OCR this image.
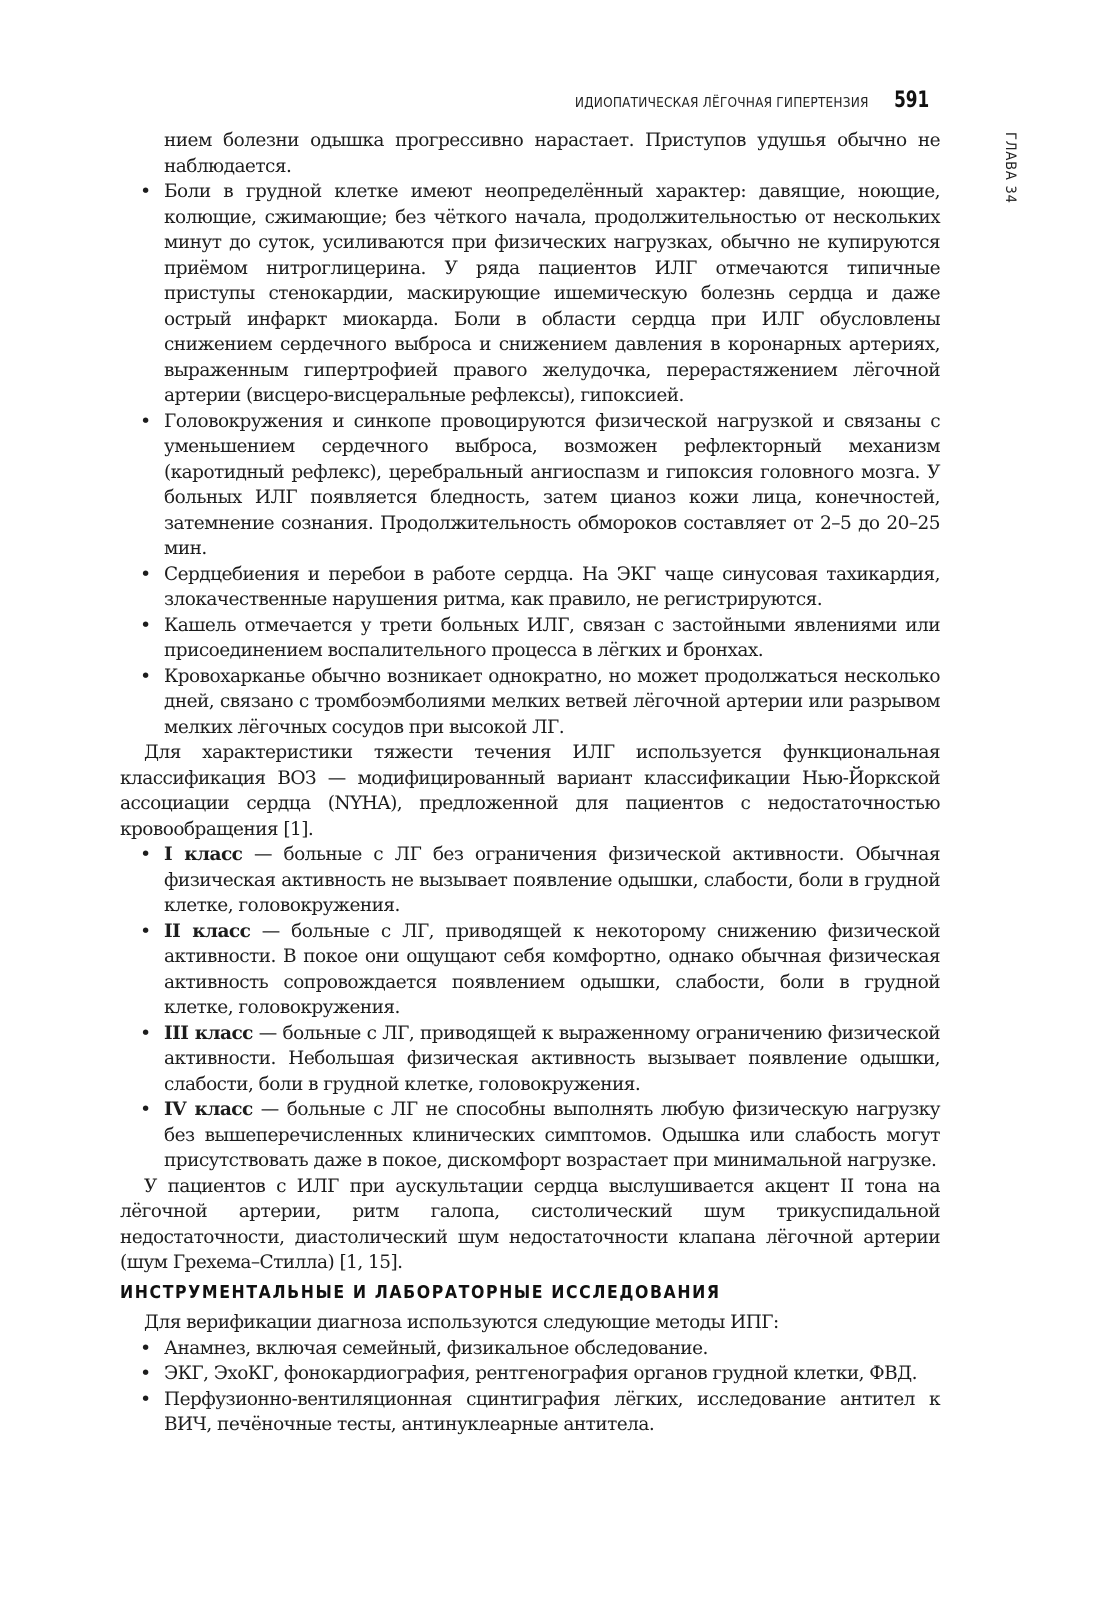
ИДИОПАТИЧЕСКАЯ ЛЁГОЧНАЯ ГИПЕРТЕНЗИЯ 591
ГЛАВА 34

нием болезни одышка прогрессивно нарастает. Приступов удушья обычно не наблюдается.

• Боли в грудной клетке имеют неопределённый характер: давящие, ноющие, колющие, сжимающие; без чёткого начала, продолжительностью от нескольких минут до суток, усиливаются при физических нагрузках, обычно не купируются приёмом нитроглицерина. У ряда пациентов ИЛГ отмечаются типичные приступы стенокардии, маскирующие ишемическую болезнь сердца и даже острый инфаркт миокарда. Боли в области сердца при ИЛГ обусловлены снижением сердечного выброса и снижением давления в коронарных артериях, выраженным гипертрофией правого желудочка, перерастяжением лёгочной артерии (висцеро-висцеральные рефлексы), гипоксией.
• Головокружения и синкопе провоцируются физической нагрузкой и связаны с уменьшением сердечного выброса, возможен рефлекторный механизм (каротидный рефлекс), церебральный ангиоспазм и гипоксия головного мозга. У больных ИЛГ появляется бледность, затем цианоз кожи лица, конечностей, затемнение сознания. Продолжительность обмороков составляет от 2–5 до 20–25 мин.
• Сердцебиения и перебои в работе сердца. На ЭКГ чаще синусовая тахикардия, злокачественные нарушения ритма, как правило, не регистрируются.
• Кашель отмечается у трети больных ИЛГ, связан с застойными явлениями или присоединением воспалительного процесса в лёгких и бронхах.
• Кровохарканье обычно возникает однократно, но может продолжаться несколько дней, связано с тромбоэмболиями мелких ветвей лёгочной артерии или разрывом мелких лёгочных сосудов при высокой ЛГ.

Для характеристики тяжести течения ИЛГ используется функциональная классификация ВОЗ — модифицированный вариант классификации Нью-Йоркской ассоциации сердца (NYHA), предложенной для пациентов с недостаточностью кровообращения [1].

• I класс — больные с ЛГ без ограничения физической активности. Обычная физическая активность не вызывает появление одышки, слабости, боли в грудной клетке, головокружения.
• II класс — больные с ЛГ, приводящей к некоторому снижению физической активности. В покое они ощущают себя комфортно, однако обычная физическая активность сопровождается появлением одышки, слабости, боли в грудной клетке, головокружения.
• III класс — больные с ЛГ, приводящей к выраженному ограничению физической активности. Небольшая физическая активность вызывает появление одышки, слабости, боли в грудной клетке, головокружения.
• IV класс — больные с ЛГ не способны выполнять любую физическую нагрузку без вышеперечисленных клинических симптомов. Одышка или слабость могут присутствовать даже в покое, дискомфорт возрастает при минимальной нагрузке.

У пациентов с ИЛГ при аускультации сердца выслушивается акцент II тона на лёгочной артерии, ритм галопа, систолический шум трикуспидальной недостаточности, диастолический шум недостаточности клапана лёгочной артерии (шум Грехема–Стилла) [1, 15].

ИНСТРУМЕНТАЛЬНЫЕ И ЛАБОРАТОРНЫЕ ИССЛЕДОВАНИЯ

Для верификации диагноза используются следующие методы ИПГ:

• Анамнез, включая семейный, физикальное обследование.
• ЭКГ, ЭхоКГ, фонокардиография, рентгенография органов грудной клетки, ФВД.
• Перфузионно-вентиляционная сцинтиграфия лёгких, исследование антител к ВИЧ, печёночные тесты, антинуклеарные антитела.
